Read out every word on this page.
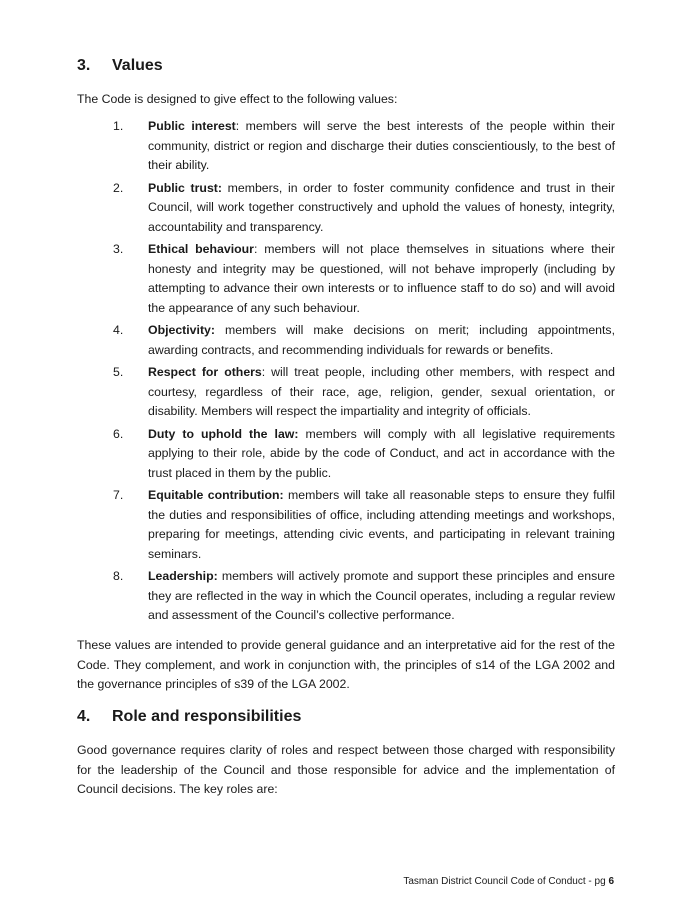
3. Values

The Code is designed to give effect to the following values:

1. Public interest: members will serve the best interests of the people within their community, district or region and discharge their duties conscientiously, to the best of their ability.
2. Public trust: members, in order to foster community confidence and trust in their Council, will work together constructively and uphold the values of honesty, integrity, accountability and transparency.
3. Ethical behaviour: members will not place themselves in situations where their honesty and integrity may be questioned, will not behave improperly (including by attempting to advance their own interests or to influence staff to do so) and will avoid the appearance of any such behaviour.
4. Objectivity: members will make decisions on merit; including appointments, awarding contracts, and recommending individuals for rewards or benefits.
5. Respect for others: will treat people, including other members, with respect and courtesy, regardless of their race, age, religion, gender, sexual orientation, or disability. Members will respect the impartiality and integrity of officials.
6. Duty to uphold the law: members will comply with all legislative requirements applying to their role, abide by the code of Conduct, and act in accordance with the trust placed in them by the public.
7. Equitable contribution: members will take all reasonable steps to ensure they fulfil the duties and responsibilities of office, including attending meetings and workshops, preparing for meetings, attending civic events, and participating in relevant training seminars.
8. Leadership: members will actively promote and support these principles and ensure they are reflected in the way in which the Council operates, including a regular review and assessment of the Council’s collective performance.

These values are intended to provide general guidance and an interpretative aid for the rest of the Code. They complement, and work in conjunction with, the principles of s14 of the LGA 2002 and the governance principles of s39 of the LGA 2002.

4. Role and responsibilities

Good governance requires clarity of roles and respect between those charged with responsibility for the leadership of the Council and those responsible for advice and the implementation of Council decisions. The key roles are:

Tasman District Council Code of Conduct - pg 6
